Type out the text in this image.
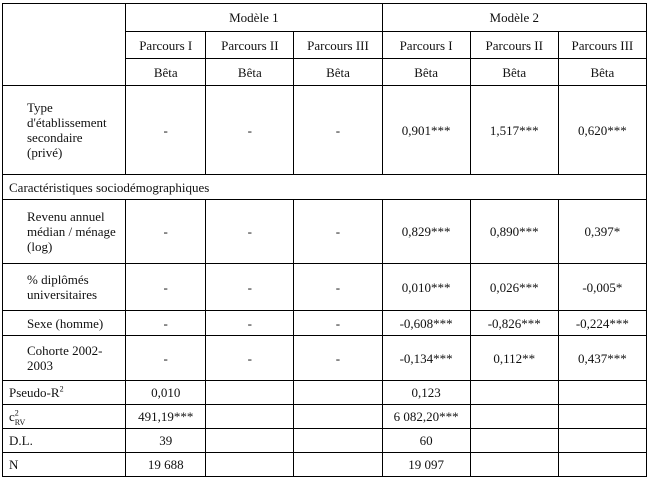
	Modèle 1			Modèle 2		
	Parcours I	Parcours II	Parcours III	Parcours I	Parcours II	Parcours III
	Bêta	Bêta	Bêta	Bêta	Bêta	Bêta
Type d'établissement secondaire (privé)	-	-	-	0,901***	1,517***	0,620***
Caractéristiques sociodémographiques						
Revenu annuel médian / ménage (log)	-	-	-	0,829***	0,890***	0,397*
% diplômés universitaires	-	-	-	0,010***	0,026***	-0,005*
Sexe (homme)	-	-	-	-0,608***	-0,826***	-0,224***
Cohorte 2002-2003	-	-	-	-0,134***	0,112**	0,437***
Pseudo-$R^2$	0,010			0,123		
$c^2_{RV}$	491,19***			6 082,20***		
D.L.	39			60		
N	19 688			19 097		
